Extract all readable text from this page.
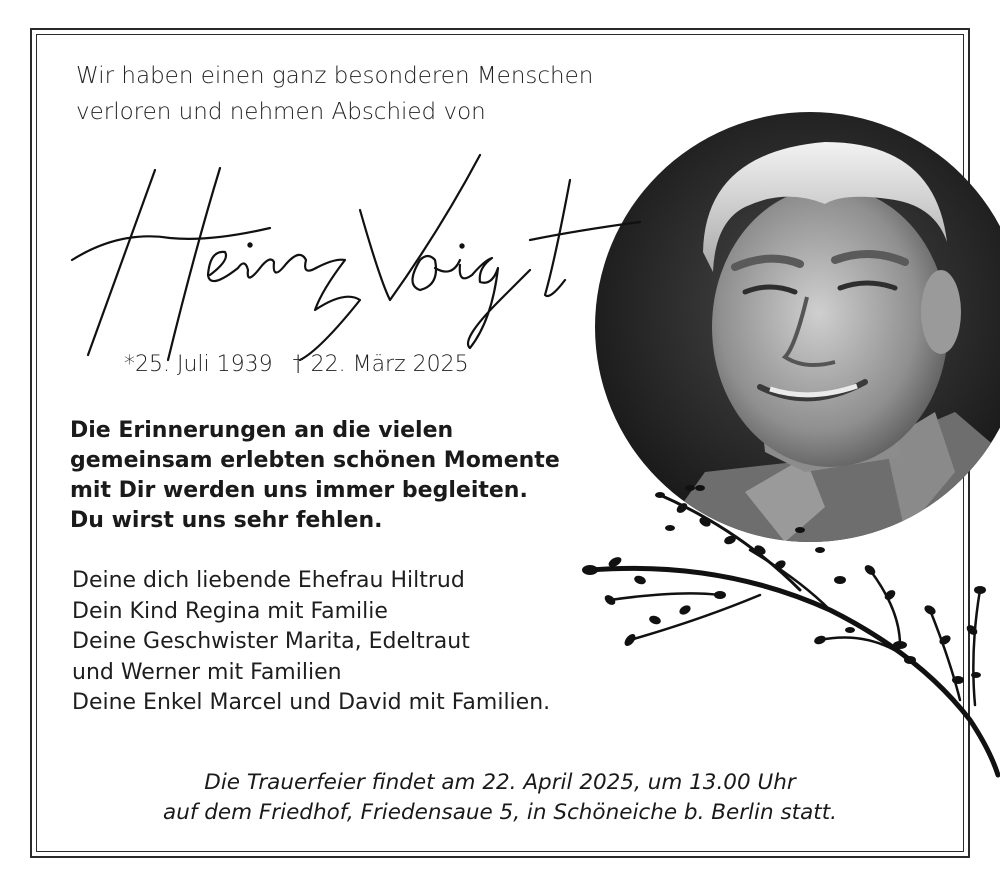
Wir haben einen ganz besonderen Menschen
verloren und nehmen Abschied von
*25. Juli 1939 † 22. März 2025
Die Erinnerungen an die vielen
gemeinsam erlebten schönen Momente
mit Dir werden uns immer begleiten.
Du wirst uns sehr fehlen.
Deine dich liebende Ehefrau Hiltrud
Dein Kind Regina mit Familie
Deine Geschwister Marita, Edeltraut
und Werner mit Familien
Deine Enkel Marcel und David mit Familien.
Die Trauerfeier findet am 22. April 2025, um 13.00 Uhr
auf dem Friedhof, Friedensaue 5, in Schöneiche b. Berlin statt.
